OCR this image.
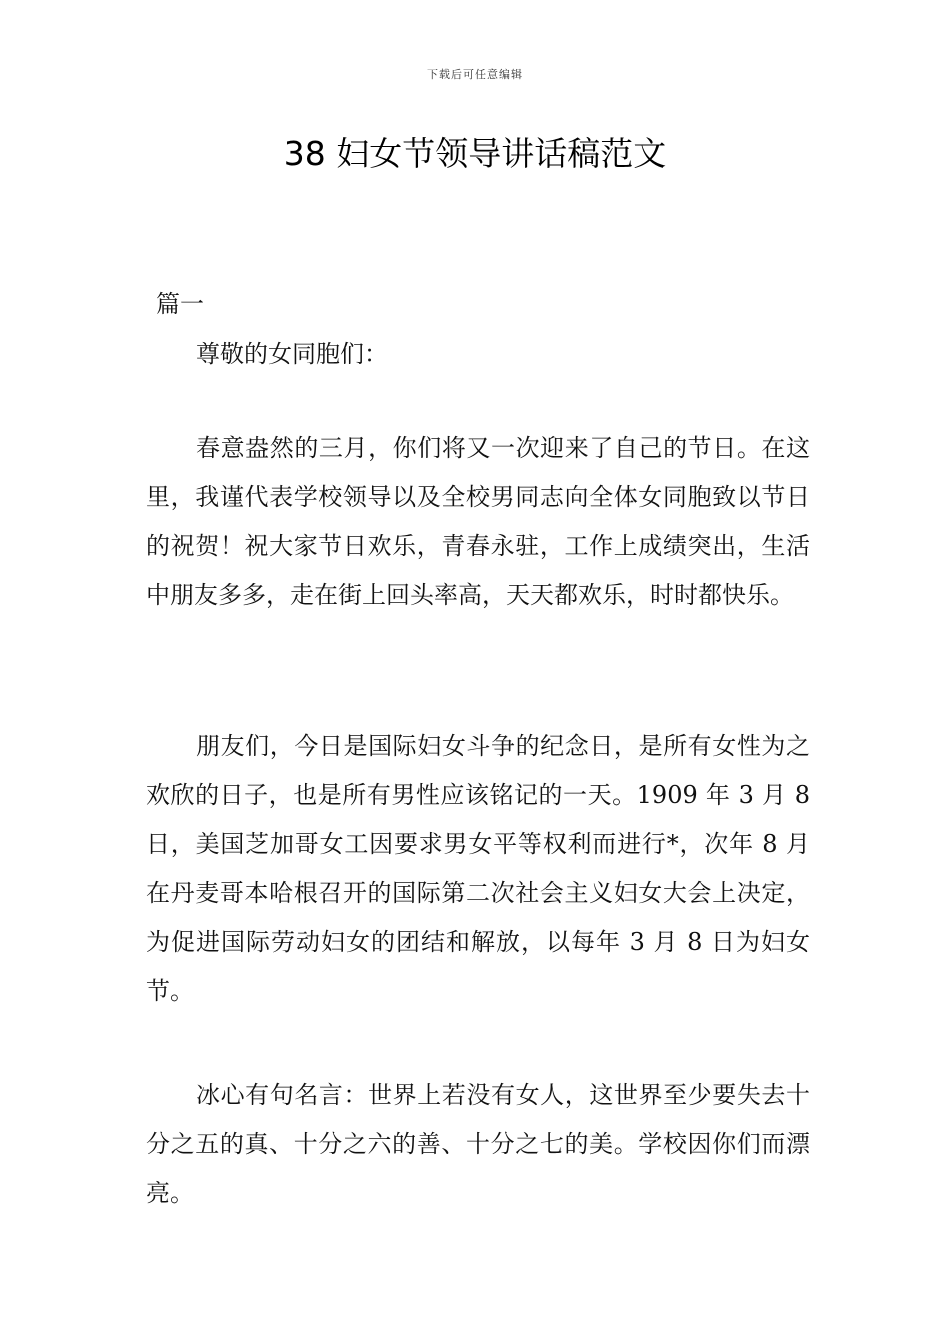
下载后可任意编辑
38 妇女节领导讲话稿范文

篇一

尊敬的女同胞们：

春意盎然的三月，你们将又一次迎来了自己的节日。在这里，我谨代表学校领导以及全校男同志向全体女同胞致以节日的祝贺！祝大家节日欢乐，青春永驻，工作上成绩突出，生活中朋友多多，走在街上回头率高，天天都欢乐，时时都快乐。

朋友们，今日是国际妇女斗争的纪念日，是所有女性为之欢欣的日子，也是所有男性应该铭记的一天。1909 年 3 月 8 日，美国芝加哥女工因要求男女平等权利而进行*，次年 8 月在丹麦哥本哈根召开的国际第二次社会主义妇女大会上决定，为促进国际劳动妇女的团结和解放，以每年 3 月 8 日为妇女节。

冰心有句名言：世界上若没有女人，这世界至少要失去十分之五的真、十分之六的善、十分之七的美。学校因你们而漂亮。
